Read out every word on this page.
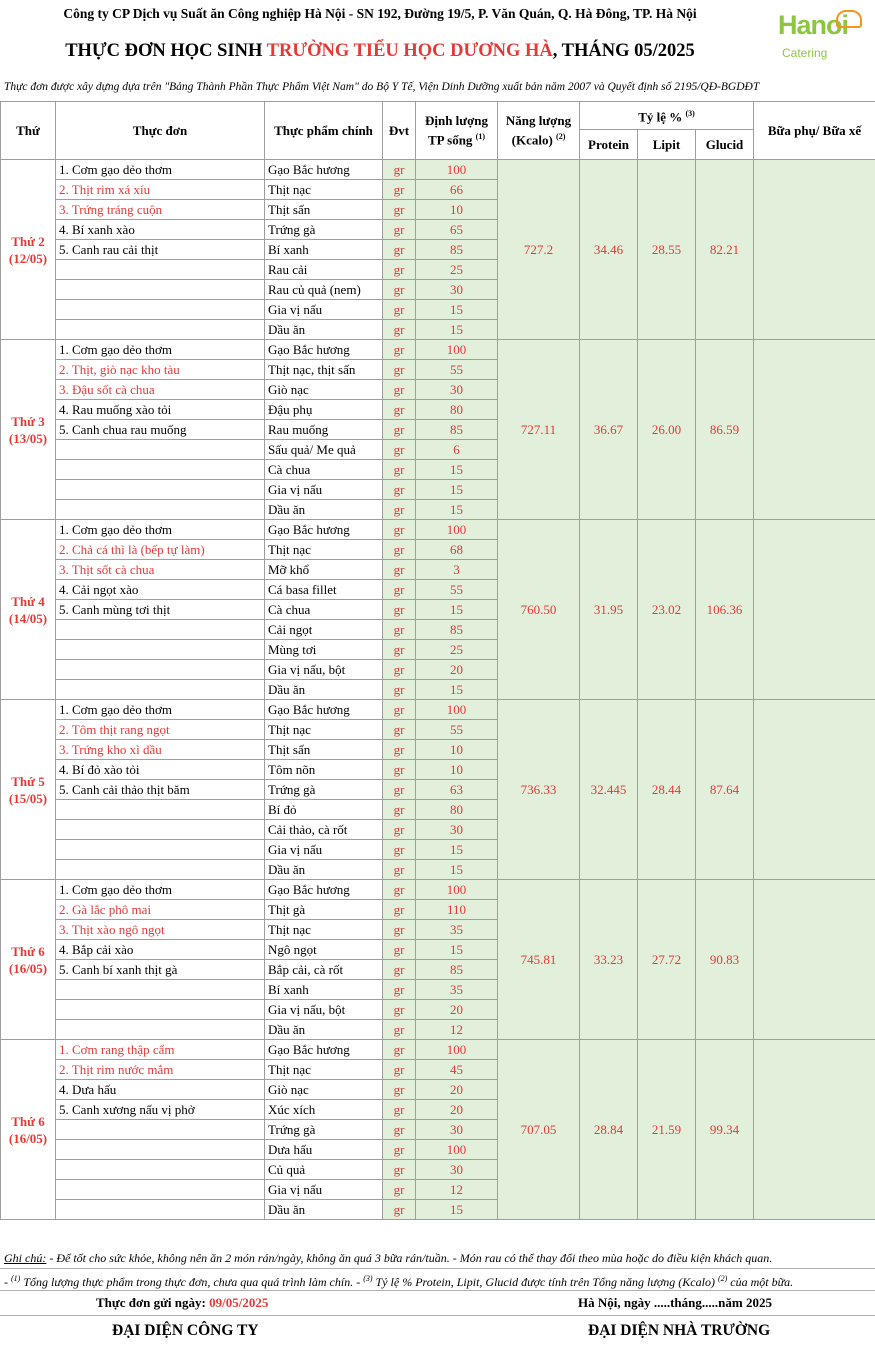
Công ty CP Dịch vụ Suất ăn Công nghiệp Hà Nội - SN 192, Đường 19/5, P. Văn Quán, Q. Hà Đông, TP. Hà Nội
THỰC ĐƠN HỌC SINH TRƯỜNG TIỂU HỌC DƯƠNG HÀ, THÁNG 05/2025
Hanoi
Catering
Thực đơn được xây dựng dựa trên "Bảng Thành Phần Thực Phẩm Việt Nam" do Bộ Y Tế, Viện Dinh Dưỡng xuất bản năm 2007 và Quyết định số 2195/QĐ-BGDĐT
Thứ	Thực đơn	Thực phẩm chính	Đvt	Định lượng TP sống $^{(1)}$	Năng lượng (Kcalo) $^{(2)}$	Tỷ lệ % $^{(3)}$			Bữa phụ/ Bữa xế
						Protein	Lipit	Glucid	

Thứ 2
(12/05)	1. Cơm gạo dẻo thơm	Gạo Bắc hương	gr	100	727.2	34.46	28.55	82.21	
	2. Thịt rim xá xíu	Thịt nạc	gr	66					
	3. Trứng tráng cuộn	Thịt sấn	gr	10					
	4. Bí xanh xào	Trứng gà	gr	65					
	5. Canh rau cải thịt	Bí xanh	gr	85					
		Rau cải	gr	25					
		Rau củ quả (nem)	gr	30					
		Gia vị nấu	gr	15					
		Dầu ăn	gr	15					

Thứ 3
(13/05)	1. Cơm gạo dẻo thơm	Gạo Bắc hương	gr	100	727.11	36.67	26.00	86.59	
	2. Thịt, giò nạc kho tàu	Thịt nạc, thịt sấn	gr	55					
	3. Đậu sốt cà chua	Giò nạc	gr	30					
	4. Rau muống xào tỏi	Đậu phụ	gr	80					
	5. Canh chua rau muống	Rau muống	gr	85					
		Sấu quả/ Me quả	gr	6					
		Cà chua	gr	15					
		Gia vị nấu	gr	15					
		Dầu ăn	gr	15					

Thứ 4
(14/05)	1. Cơm gạo dẻo thơm	Gạo Bắc hương	gr	100	760.50	31.95	23.02	106.36	
	2. Chả cá thì là (bếp tự làm)	Thịt nạc	gr	68					
	3. Thịt sốt cà chua	Mỡ khổ	gr	3					
	4. Cải ngọt xào	Cá basa fillet	gr	55					
	5. Canh mùng tơi thịt	Cà chua	gr	15					
		Cải ngọt	gr	85					
		Mùng tơi	gr	25					
		Gia vị nấu, bột	gr	20					
		Dầu ăn	gr	15					

Thứ 5
(15/05)	1. Cơm gạo dẻo thơm	Gạo Bắc hương	gr	100	736.33	32.445	28.44	87.64	
	2. Tôm thịt rang ngọt	Thịt nạc	gr	55					
	3. Trứng kho xì dầu	Thịt sấn	gr	10					
	4. Bí đỏ xào tỏi	Tôm nõn	gr	10					
	5. Canh cải thảo thịt băm	Trứng gà	gr	63					
		Bí đỏ	gr	80					
		Cải thảo, cà rốt	gr	30					
		Gia vị nấu	gr	15					
		Dầu ăn	gr	15					

Thứ 6
(16/05)	1. Cơm gạo dẻo thơm	Gạo Bắc hương	gr	100	745.81	33.23	27.72	90.83	
	2. Gà lắc phô mai	Thịt gà	gr	110					
	3. Thịt xào ngô ngọt	Thịt nạc	gr	35					
	4. Bắp cải xào	Ngô ngọt	gr	15					
	5. Canh bí xanh thịt gà	Bắp cải, cà rốt	gr	85					
		Bí xanh	gr	35					
		Gia vị nấu, bột	gr	20					
		Dầu ăn	gr	12					

Thứ 6
(16/05)	1. Cơm rang thập cẩm	Gạo Bắc hương	gr	100	707.05	28.84	21.59	99.34	
	2. Thịt rim nước mắm	Thịt nạc	gr	45					
	4. Dưa hấu	Giò nạc	gr	20					
	5. Canh xương nấu vị phở	Xúc xích	gr	20					
		Trứng gà	gr	30					
		Dưa hấu	gr	100					
		Củ quả	gr	30					
		Gia vị nấu	gr	12					
		Dầu ăn	gr	15					
Ghi chú: - Để tốt cho sức khỏe, không nên ăn 2 món rán/ngày, không ăn quá 3 bữa rán/tuần. - Món rau có thể thay đổi theo mùa hoặc do điều kiện khách quan.
- $^{(1)}$ Tổng lượng thực phẩm trong thực đơn, chưa qua quá trình làm chín. - $^{(3)}$ Tỷ lệ % Protein, Lipit, Glucid được tính trên Tổng năng lượng (Kcalo) $^{(2)}$ của một bữa.
Thực đơn gửi ngày: 09/05/2025	Hà Nội, ngày .....tháng.....năm 2025
ĐẠI DIỆN CÔNG TY	ĐẠI DIỆN NHÀ TRƯỜNG
